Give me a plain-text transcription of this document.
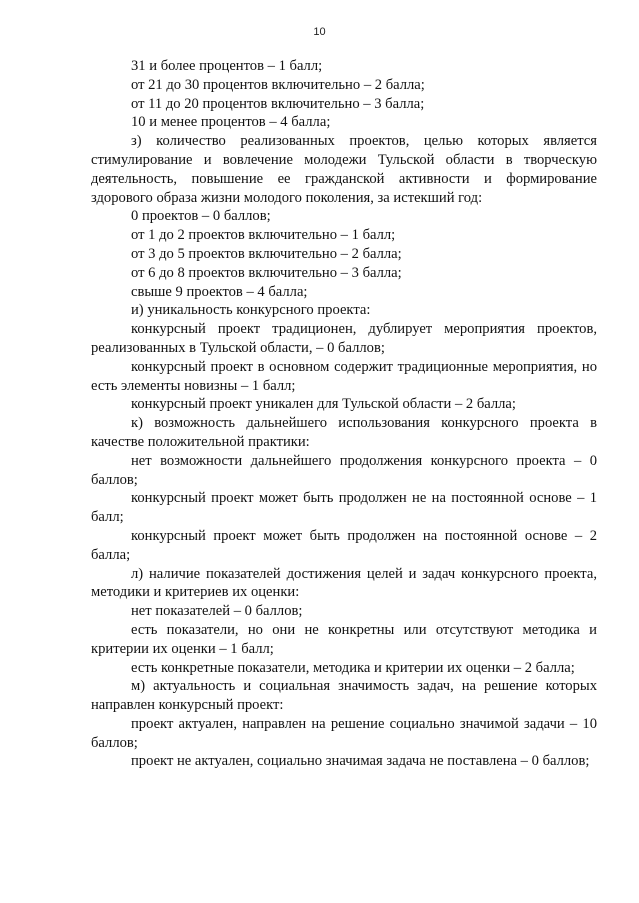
10

31 и более процентов – 1 балл;

от 21 до 30 процентов включительно – 2 балла;

от 11 до 20 процентов включительно – 3 балла;

10 и менее процентов – 4 балла;

з) количество реализованных проектов, целью которых является стимулирование и вовлечение молодежи Тульской области в творческую деятельность, повышение ее гражданской активности и формирование здорового образа жизни молодого поколения, за истекший год:

0 проектов – 0 баллов;

от 1 до 2 проектов включительно – 1 балл;

от 3 до 5 проектов включительно – 2 балла;

от 6 до 8 проектов включительно – 3 балла;

свыше 9 проектов – 4 балла;

и) уникальность конкурсного проекта:

конкурсный проект традиционен, дублирует мероприятия проектов, реализованных в Тульской области, – 0 баллов;

конкурсный проект в основном содержит традиционные мероприятия, но есть элементы новизны – 1 балл;

конкурсный проект уникален для Тульской области – 2 балла;

к) возможность дальнейшего использования конкурсного проекта в качестве положительной практики:

нет возможности дальнейшего продолжения конкурсного проекта – 0 баллов;

конкурсный проект может быть продолжен не на постоянной основе – 1 балл;

конкурсный проект может быть продолжен на постоянной основе – 2 балла;

л) наличие показателей достижения целей и задач конкурсного проекта, методики и критериев их оценки:

нет показателей – 0 баллов;

есть показатели, но они не конкретны или отсутствуют методика и критерии их оценки – 1 балл;

есть конкретные показатели, методика и критерии их оценки – 2 балла;

м) актуальность и социальная значимость задач, на решение которых направлен конкурсный проект:

проект актуален, направлен на решение социально значимой задачи – 10 баллов;

проект не актуален, социально значимая задача не поставлена – 0 баллов;
